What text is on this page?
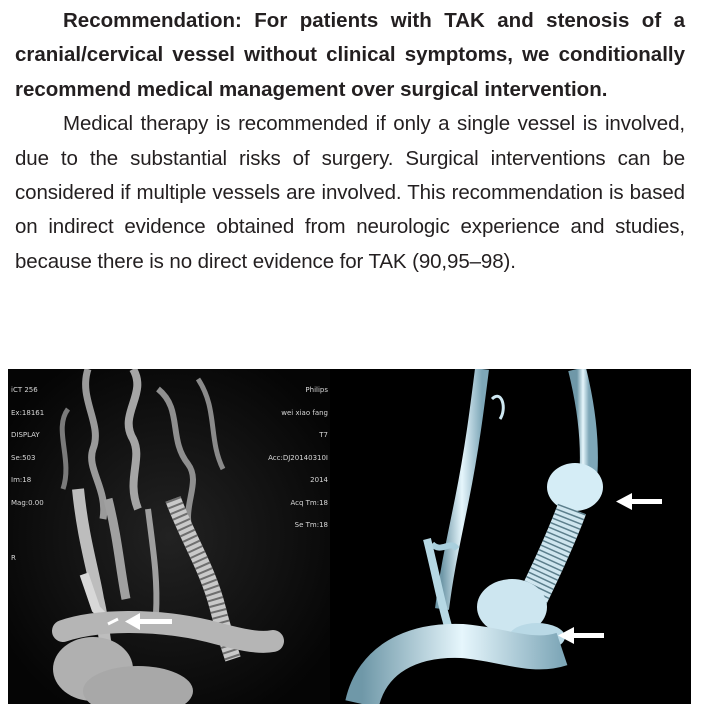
Recommendation: For patients with TAK and stenosis of a cranial/cervical vessel without clinical symptoms, we conditionally recommend medical management over surgical intervention.

Medical therapy is recommended if only a single vessel is involved, due to the substantial risks of surgery. Surgical interventions can be considered if multiple vessels are involved. This recommendation is based on indirect evidence obtained from neurologic experience and studies, because there is no direct evidence for TAK (90,95–98).

iCT 256

Ex:18161

DISPLAY

Se:503

Im:18

Mag:0.00

Philips

wei xiao fang

T7

Acc:DJ20140310I

2014

Acq Tm:18

Se Tm:18

R
